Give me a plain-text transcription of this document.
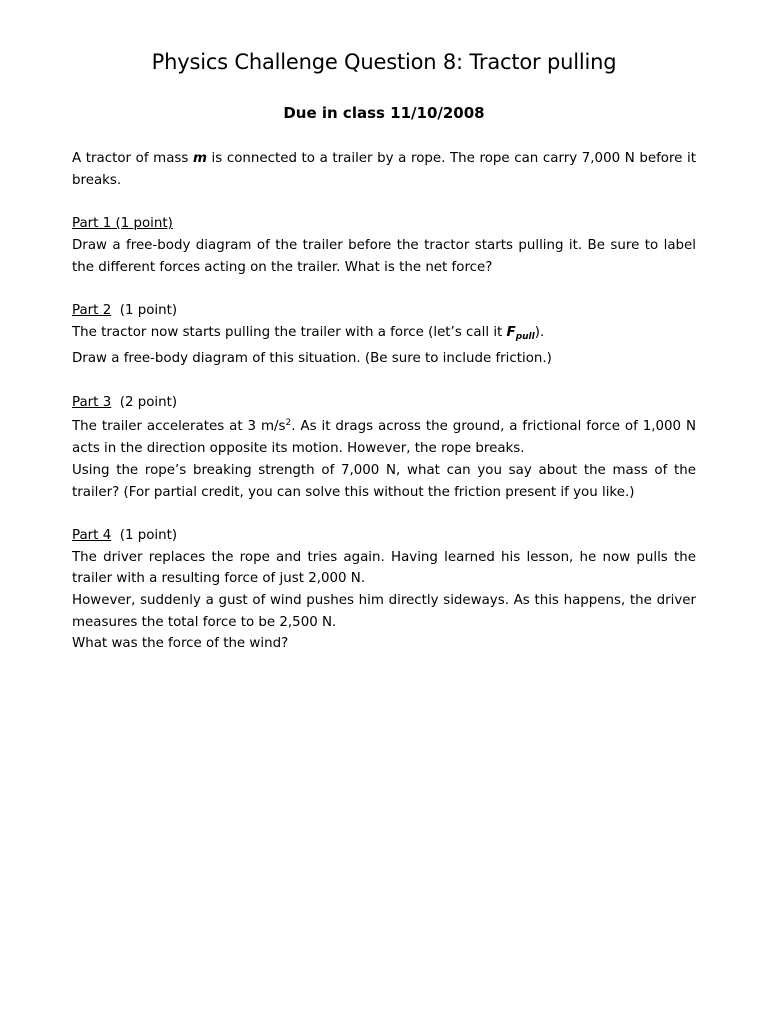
Physics Challenge Question 8: Tractor pulling
Due in class 11/10/2008

A tractor of mass m is connected to a trailer by a rope. The rope can carry 7,000 N before it breaks.

Part 1 (1 point)

Draw a free-body diagram of the trailer before the tractor starts pulling it. Be sure to label the different forces acting on the trailer. What is the net force?

Part 2  (1 point)

The tractor now starts pulling the trailer with a force (let’s call it $F_{pull}$).

Draw a free-body diagram of this situation. (Be sure to include friction.)

Part 3  (2 point)

The trailer accelerates at 3 $m/s^2$. As it drags across the ground, a frictional force of 1,000 N acts in the direction opposite its motion. However, the rope breaks.

Using the rope’s breaking strength of 7,000 N, what can you say about the mass of the trailer? (For partial credit, you can solve this without the friction present if you like.)

Part 4  (1 point)

The driver replaces the rope and tries again. Having learned his lesson, he now pulls the trailer with a resulting force of just 2,000 N.

However, suddenly a gust of wind pushes him directly sideways. As this happens, the driver measures the total force to be 2,500 N.

What was the force of the wind?
